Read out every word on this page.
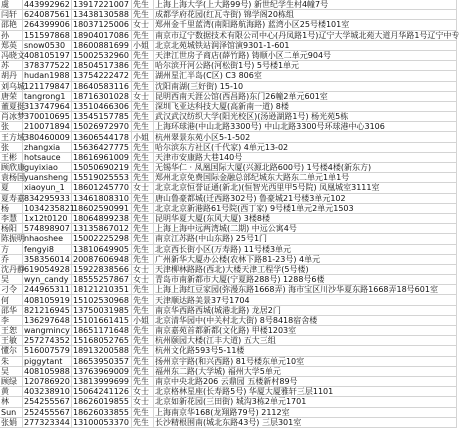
虞	443992962	13917221007	先生	上海上海大学(上大路99号) 新世纪学生村4幢7号
闫轩	624087561	13438130588	先生	成都学府花园(红瓦寺街) 锦学阁20栋组
邵艳	264399906	18037125006	女士	郑州金千里蓝湾(南阳路航海路) 蓝湾小区25号楼101室
孙	151597868	18904017086	先生	南京市辽宁数据技术有限公司中心(丹凤路1号)辽宁大学城北苑大道月华路1号辽宁中专
郑英	snow0530	18600881699	小姐	北京北苑城铁站润泽馆演9301-1-601
冯晓文	408105197	15002532960	先生	天津江世房子商店(薛竹路) 铸顺小区二单元904号
苏	378377522	18504517386	先生	哈尔滨开河公路(河松街1号) 5号楼1单元
胡丹	hudan1988	13754222472	先生	湖州星汇半岛(C区) C3 806室
刘乌城	121179847	18640583116	先生	沈阳南湖(三好街) 15-10
唐荣	tangrong1	18716301028	女士	昆明西南天涯公馆(西昌路)东门26幢2单元601室
董夏挺	313747964	13510466306	先生	深圳飞亚达科技大厦(高新南一道) 8楼
肖冰梦	370010695	13545157785	先生	武汉武汉纺织大学(阳光校区)(汤逊湖路1号) 杨光苑5栋
张	210071894	15026972970	先生	上海环球港(中山北路3300号) 中山北路3300号环球港中心3106
王方域	380460009	13606544178	小姐	杭州翠景东苑小区5-1-502
张	zhangxia	15636427775	先生	哈尔滨东方社区(千代家) 4单元13-02
王彬	hotsauce	18616961009	先生	天津市安康路大巷140号
顾欣康	guyixiao	15050690219	先生	无锡华仁 · 凤凰国际大厦(兴源北路600号) 1号楼4楼(新东方)
袁杨国	yuansheng	15519025553	先生	郑州北京免费国际金融总部纪城东大路东二单元1单1号
夏	xiaoyun_1	18601245770	女士	北京北京恒誉证通(新北)(恒智光西里甲5号院) 凤凰城室3111室
夏寿嘉	834295933	13461808310	先生	唐山鲁豪都城(迁西路302号) 鲁豪城21号楼3单元102
杨	1034235821	18602590991	先生	北京北京新港路61号院(西丁家) 9号楼1单元2单元1503
李慧	1x12t0120	18064899238	先生	昆明华夏大厦(东风大厦) 3楼8楼
杨阳	574898907	13135867012	先生	上海上海中远两湾城(二期) 中远公寓4号
陈振明	nhaoshee	15002225298	先生	南京江苏路(中山东路) 25号1门
方	fengyi8	13810649905	先生	北京西长街小区(万寿路) 11号楼3单元
乔	358356014	20087606948	先生	广州新华大厦办公楼(农林下路81-23号) 4单元
沈丹静	619054928	15922838566	女士	天津柳林路路(西北)大楼天津工程学(5号楼)
吴	wyn_candy	18555257867	女士	青岛市南新都市大厦(宁夏路288号) 1288号6楼
刁令	244965311	18121210351	先生	上海上海红豆家园(弥漫东路1668弄) 海市宝区川沙华夏东路1668弄18号601室
何	408105919	15102530968	先生	天津顺达路美景37号1704
邵华	821216945	13750031985	先生	南京华西路西城(城港北路) 龙居2门
李	136297648	15101661415	小姐	北京清华园中(中关村北大街) 8号8418宿舍楼
王恕	wangmincy	18651171648	先生	南京嘉苑首都新都(文化路) 甲楼1203室
王敏	257274352	15168052765	先生	杭州颐园大楼(江丰大道) 五大三组
懂尔	516007579	18913200588	先生	杭州文化路593号5-11楼
朱	piggytant	18653950357	先生	扬州京宇路(和兴西路) 81号楼东单元10室
吴	408105988	13763969009	先生	福州东二路(大学城) 福州大学5单元
顾绿	120786920	13813999699	先生	南京中央北路206 云鼎园 五楼新村89号
黄	403238910	15064241126	女士	北京格林星座(长寿路5号) 华厦大厦雅轩三层1101
林	254255567	18626019855	女士	北京如新花园(三田街) 城沟3栋2单元1701
Sun	252455567	18626033855	先生	上海南京华168(龙翔路79号) 2112室
张娟	277323344	13100053370	先生	长沙精根围南(城北东路43号) 三层301室
